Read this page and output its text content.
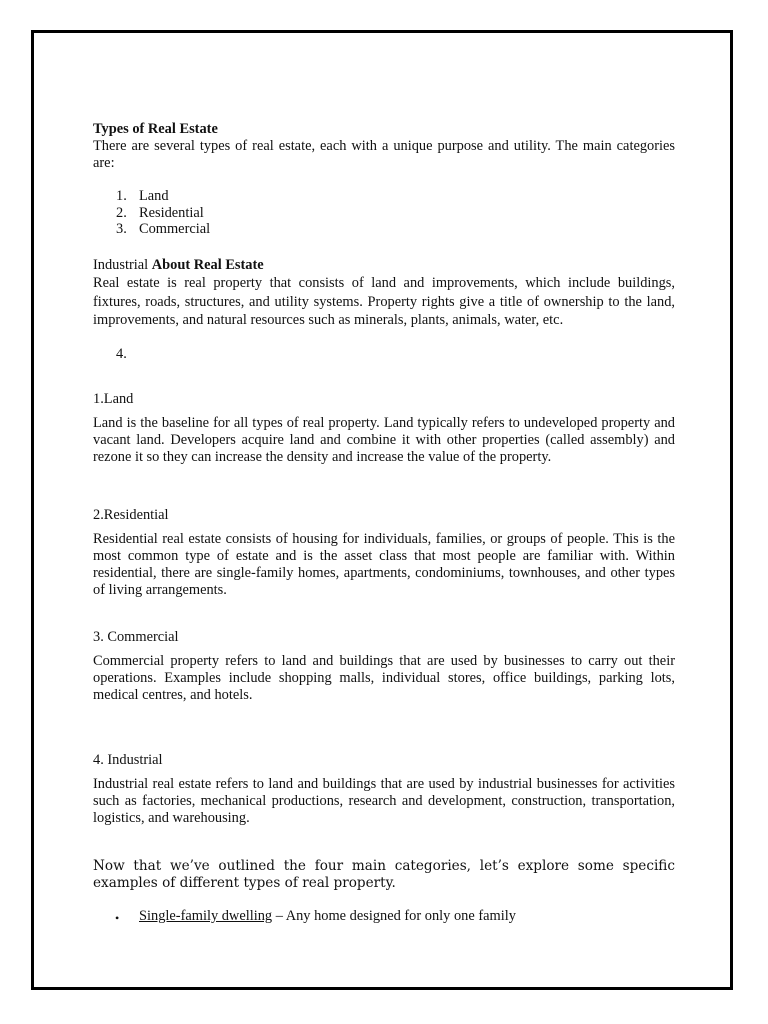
Types of Real Estate

There are several types of real estate, each with a unique purpose and utility. The main categories are:

1. Land

2. Residential

3. Commercial

Industrial About Real Estate

Real estate is real property that consists of land and improvements, which include buildings, fixtures, roads, structures, and utility systems. Property rights give a title of ownership to the land, improvements, and natural resources such as minerals, plants, animals, water, etc.

4.

1.Land

Land is the baseline for all types of real property. Land typically refers to undeveloped property and vacant land. Developers acquire land and combine it with other properties (called assembly) and rezone it so they can increase the density and increase the value of the property.

2.Residential

Residential real estate consists of housing for individuals, families, or groups of people. This is the most common type of estate and is the asset class that most people are familiar with. Within residential, there are single-family homes, apartments, condominiums, townhouses, and other types of living arrangements.

3. Commercial

Commercial property refers to land and buildings that are used by businesses to carry out their operations. Examples include shopping malls, individual stores, office buildings, parking lots, medical centres, and hotels.

4. Industrial

Industrial real estate refers to land and buildings that are used by industrial businesses for activities such as factories, mechanical productions, research and development, construction, transportation, logistics, and warehousing.

Now that we’ve outlined the four main categories, let’s explore some specific examples of different types of real property.

• Single-family dwelling – Any home designed for only one family
